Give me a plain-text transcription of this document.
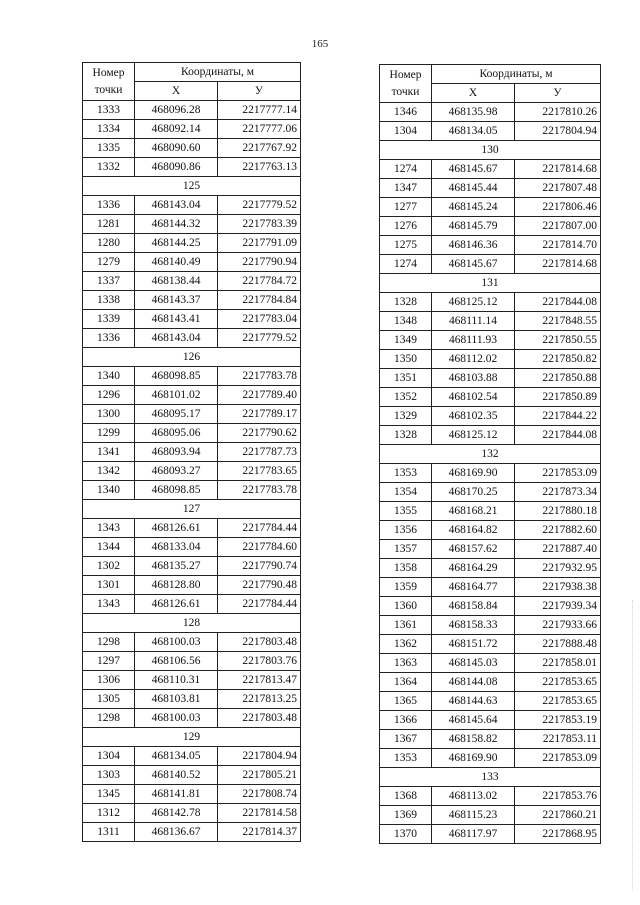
165
Номер
точки	Координаты, м	
	X	У
1333	468096.28	2217777.14
1334	468092.14	2217777.06
1335	468090.60	2217767.92
1332	468090.86	2217763.13
125		
1336	468143.04	2217779.52
1281	468144.32	2217783.39
1280	468144.25	2217791.09
1279	468140.49	2217790.94
1337	468138.44	2217784.72
1338	468143.37	2217784.84
1339	468143.41	2217783.04
1336	468143.04	2217779.52
126		
1340	468098.85	2217783.78
1296	468101.02	2217789.40
1300	468095.17	2217789.17
1299	468095.06	2217790.62
1341	468093.94	2217787.73
1342	468093.27	2217783.65
1340	468098.85	2217783.78
127		
1343	468126.61	2217784.44
1344	468133.04	2217784.60
1302	468135.27	2217790.74
1301	468128.80	2217790.48
1343	468126.61	2217784.44
128		
1298	468100.03	2217803.48
1297	468106.56	2217803.76
1306	468110.31	2217813.47
1305	468103.81	2217813.25
1298	468100.03	2217803.48
129		
1304	468134.05	2217804.94
1303	468140.52	2217805.21
1345	468141.81	2217808.74
1312	468142.78	2217814.58
1311	468136.67	2217814.37
Номер
точки	Координаты, м	
	X	У
1346	468135.98	2217810.26
1304	468134.05	2217804.94
130		
1274	468145.67	2217814.68
1347	468145.44	2217807.48
1277	468145.24	2217806.46
1276	468145.79	2217807.00
1275	468146.36	2217814.70
1274	468145.67	2217814.68
131		
1328	468125.12	2217844.08
1348	468111.14	2217848.55
1349	468111.93	2217850.55
1350	468112.02	2217850.82
1351	468103.88	2217850.88
1352	468102.54	2217850.89
1329	468102.35	2217844.22
1328	468125.12	2217844.08
132		
1353	468169.90	2217853.09
1354	468170.25	2217873.34
1355	468168.21	2217880.18
1356	468164.82	2217882.60
1357	468157.62	2217887.40
1358	468164.29	2217932.95
1359	468164.77	2217938.38
1360	468158.84	2217939.34
1361	468158.33	2217933.66
1362	468151.72	2217888.48
1363	468145.03	2217858.01
1364	468144.08	2217853.65
1365	468144.63	2217853.65
1366	468145.64	2217853.19
1367	468158.82	2217853.11
1353	468169.90	2217853.09
133		
1368	468113.02	2217853.76
1369	468115.23	2217860.21
1370	468117.97	2217868.95
